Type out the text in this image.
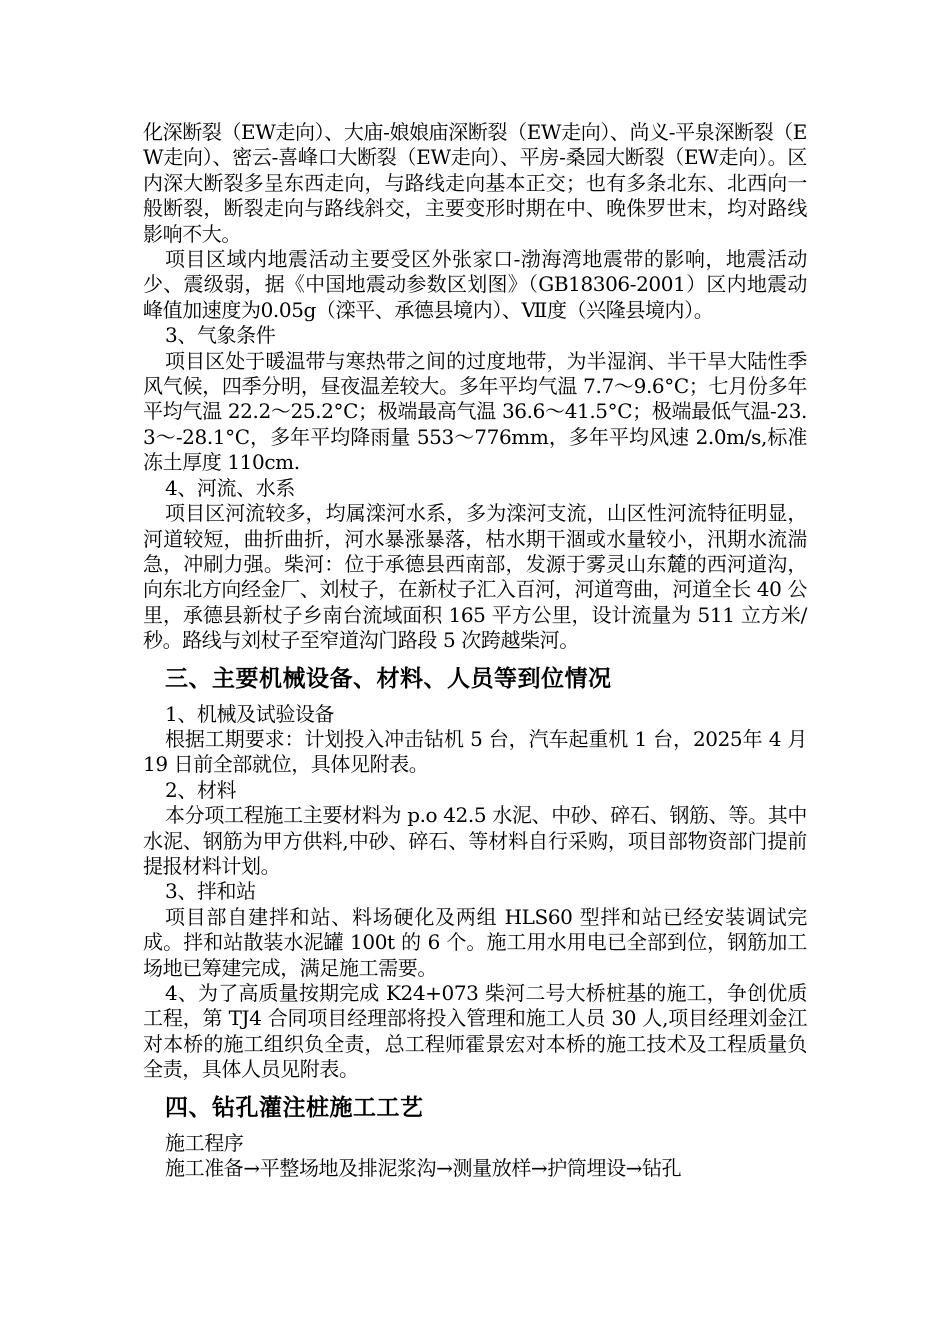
化深断裂（EW走向）、大庙-娘娘庙深断裂（EW走向）、尚义-平泉深断裂（EW走向）、密云-喜峰口大断裂（EW走向）、平房-桑园大断裂（EW走向）。区内深大断裂多呈东西走向，与路线走向基本正交；也有多条北东、北西向一般断裂，断裂走向与路线斜交，主要变形时期在中、晚侏罗世末，均对路线影响不大。

项目区域内地震活动主要受区外张家口-渤海湾地震带的影响，地震活动少、震级弱，据《中国地震动参数区划图》（GB18306-2001）区内地震动峰值加速度为0.05g（滦平、承德县境内）、Ⅶ度（兴隆县境内）。

3、气象条件

项目区处于暖温带与寒热带之间的过度地带，为半湿润、半干旱大陆性季风气候，四季分明，昼夜温差较大。多年平均气温 7.7～9.6°C；七月份多年平均气温 22.2～25.2°C；极端最高气温 36.6～41.5°C；极端最低气温-23.3～-28.1°C，多年平均降雨量 553～776mm，多年平均风速 2.0m/s,标准冻土厚度 110cm.

4、河流、水系

项目区河流较多，均属滦河水系，多为滦河支流，山区性河流特征明显，河道较短，曲折曲折，河水暴涨暴落，枯水期干涸或水量较小，汛期水流湍急，冲刷力强。柴河：位于承德县西南部，发源于雾灵山东麓的西河道沟，向东北方向经金厂、刘杖子，在新杖子汇入百河，河道弯曲，河道全长 40 公里，承德县新杖子乡南台流域面积 165 平方公里，设计流量为 511 立方米/秒。路线与刘杖子至窄道沟门路段 5 次跨越柴河。

三、主要机械设备、材料、人员等到位情况

1、机械及试验设备

根据工期要求：计划投入冲击钻机 5 台，汽车起重机 1 台，2025年 4 月 19 日前全部就位，具体见附表。

2、材料

本分项工程施工主要材料为 p.o 42.5 水泥、中砂、碎石、钢筋、等。其中水泥、钢筋为甲方供料,中砂、碎石、等材料自行采购，项目部物资部门提前提报材料计划。

3、拌和站

项目部自建拌和站、料场硬化及两组 HLS60 型拌和站已经安装调试完成。拌和站散装水泥罐 100t 的 6 个。施工用水用电已全部到位，钢筋加工场地已筹建完成，满足施工需要。

4、为了高质量按期完成 K24+073 柴河二号大桥桩基的施工，争创优质工程，第 TJ4 合同项目经理部将投入管理和施工人员 30 人,项目经理刘金江对本桥的施工组织负全责，总工程师霍景宏对本桥的施工技术及工程质量负全责，具体人员见附表。

四、钻孔灌注桩施工工艺

施工程序

施工准备→平整场地及排泥浆沟→测量放样→护筒埋设→钻孔
